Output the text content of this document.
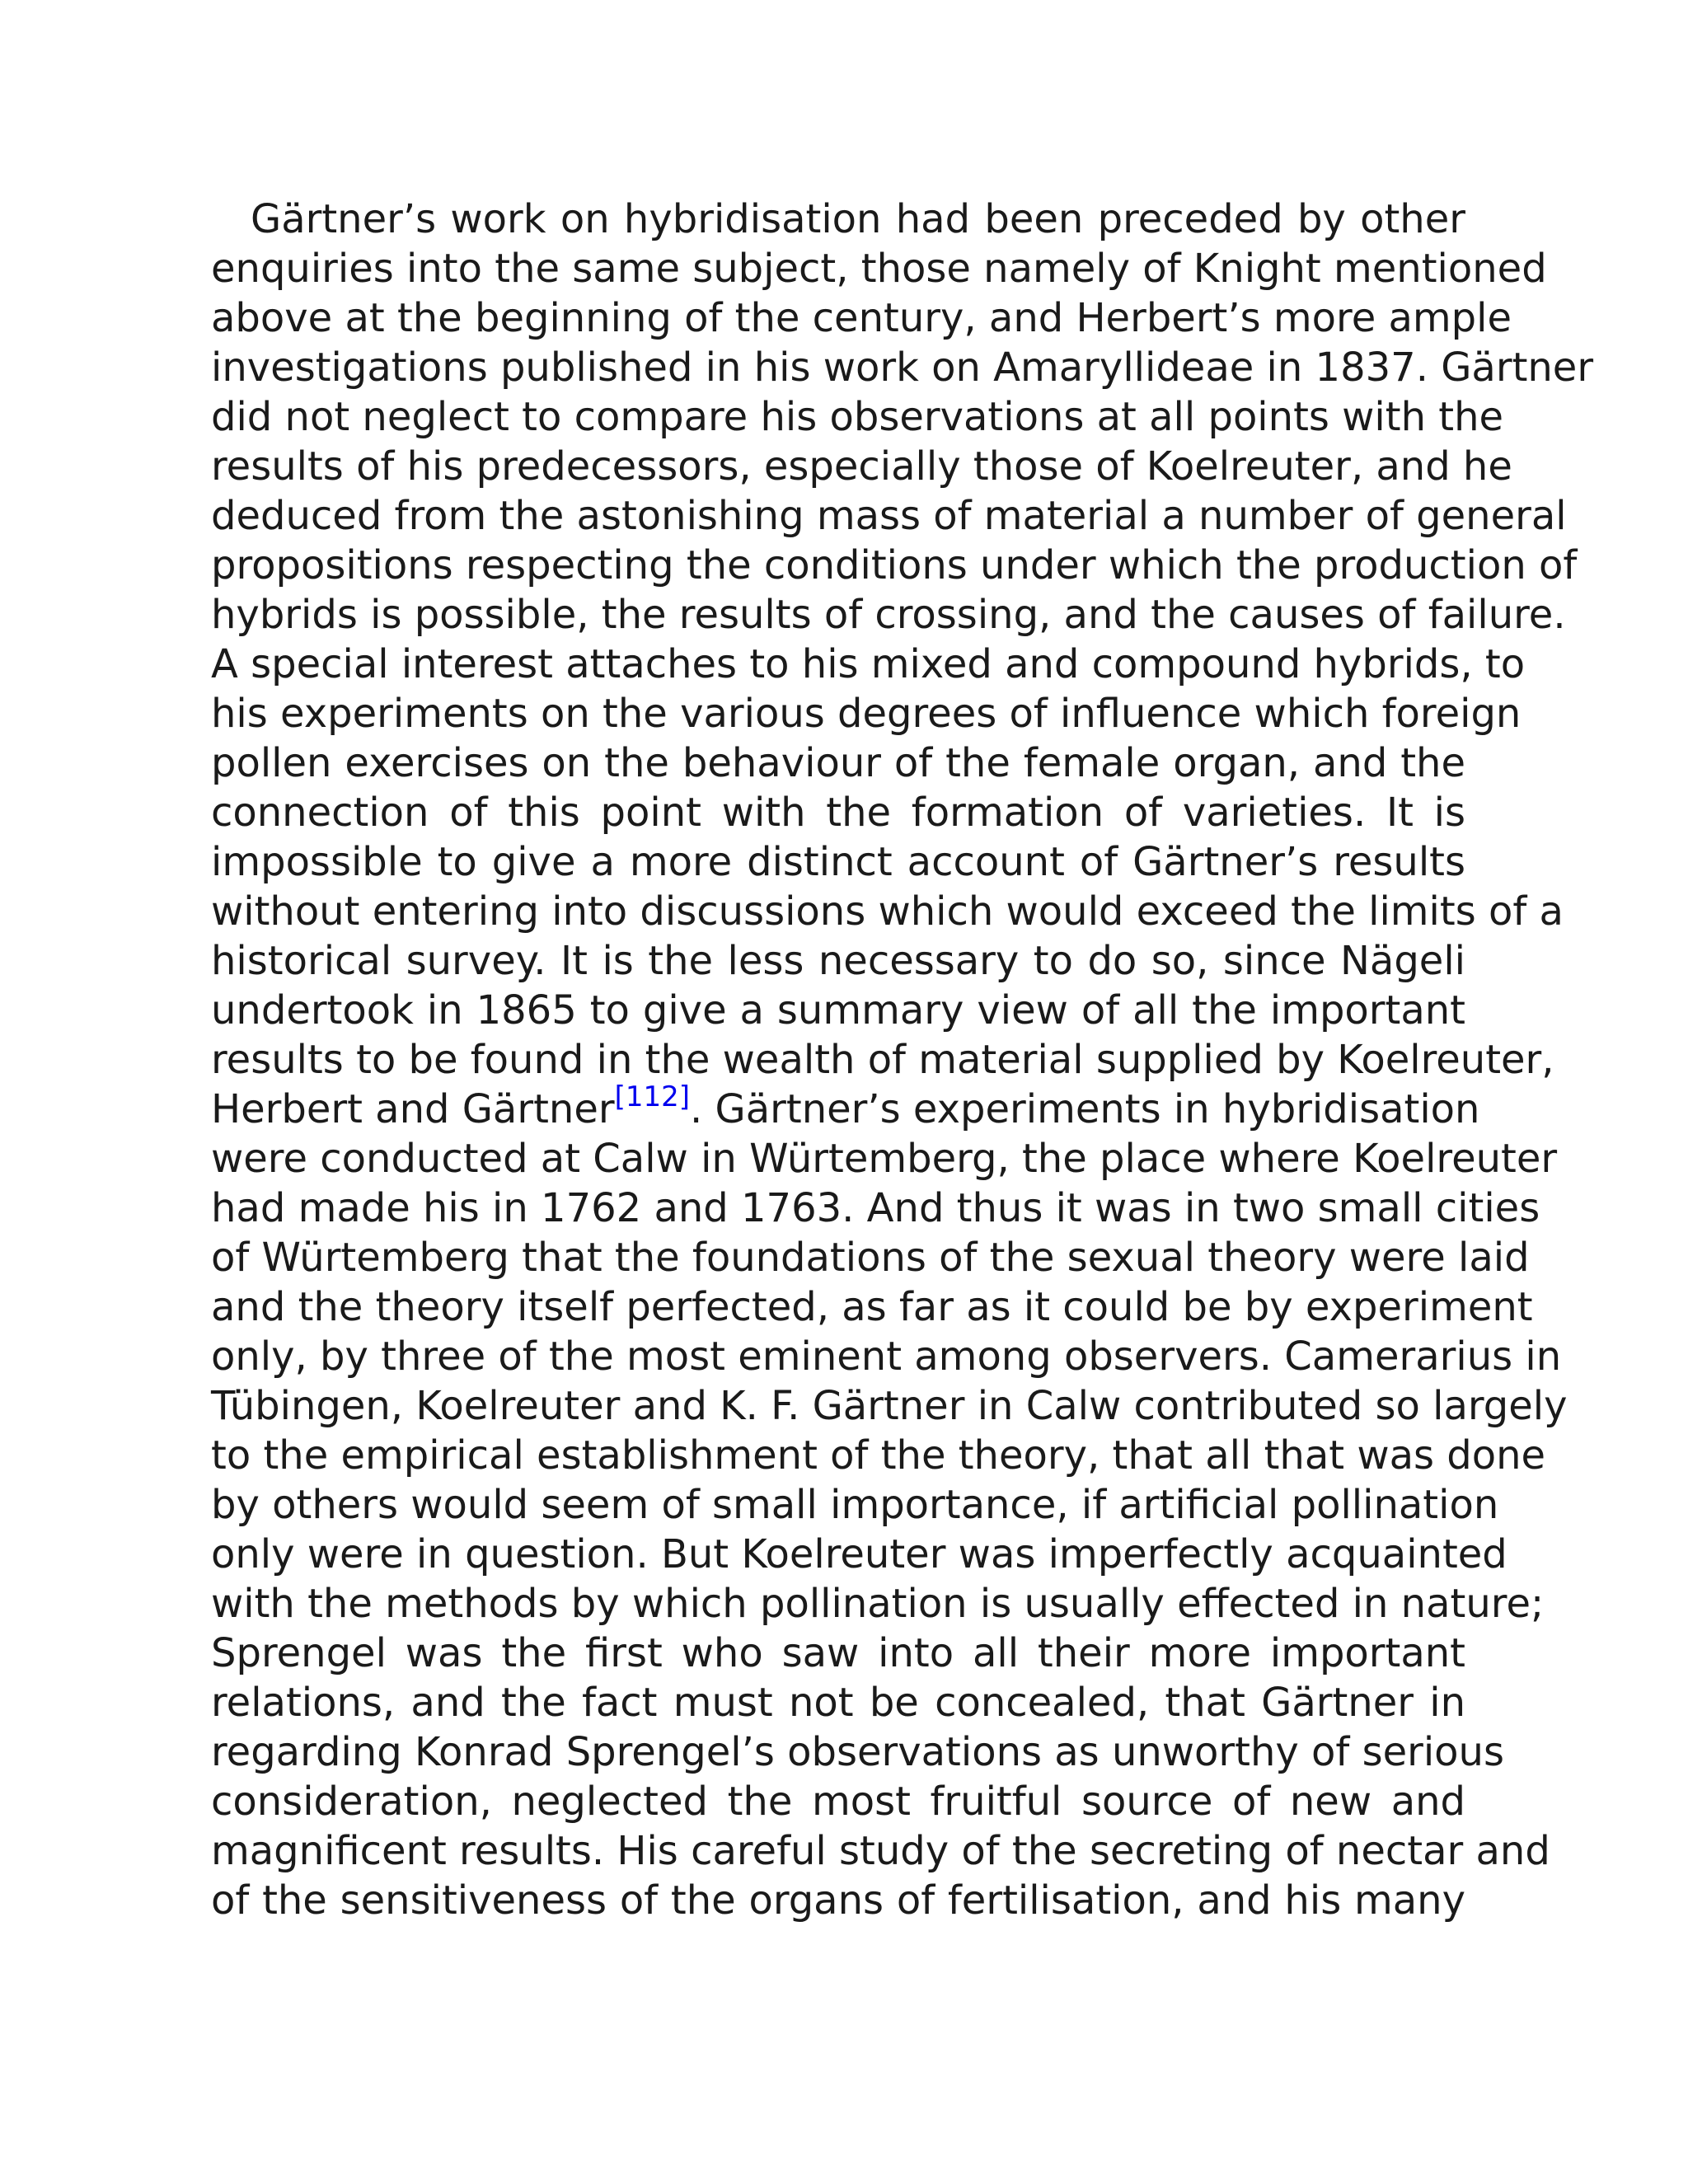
Gärtner’s work on hybridisation had been preceded by other
enquiries into the same subject, those namely of Knight mentioned
above at the beginning of the century, and Herbert’s more ample
investigations published in his work on Amaryllideae in 1837. Gärtner
did not neglect to compare his observations at all points with the
results of his predecessors, especially those of Koelreuter, and he
deduced from the astonishing mass of material a number of general
propositions respecting the conditions under which the production of
hybrids is possible, the results of crossing, and the causes of failure.
A special interest attaches to his mixed and compound hybrids, to
his experiments on the various degrees of influence which foreign
pollen exercises on the behaviour of the female organ, and the
connection of this point with the formation of varieties. It is
impossible to give a more distinct account of Gärtner’s results
without entering into discussions which would exceed the limits of a
historical survey. It is the less necessary to do so, since Nägeli
undertook in 1865 to give a summary view of all the important
results to be found in the wealth of material supplied by Koelreuter,
Herbert and Gärtner[112]. Gärtner’s experiments in hybridisation
were conducted at Calw in Würtemberg, the place where Koelreuter
had made his in 1762 and 1763. And thus it was in two small cities
of Würtemberg that the foundations of the sexual theory were laid
and the theory itself perfected, as far as it could be by experiment
only, by three of the most eminent among observers. Camerarius in
Tübingen, Koelreuter and K. F. Gärtner in Calw contributed so largely
to the empirical establishment of the theory, that all that was done
by others would seem of small importance, if artificial pollination
only were in question. But Koelreuter was imperfectly acquainted
with the methods by which pollination is usually effected in nature;
Sprengel was the first who saw into all their more important
relations, and the fact must not be concealed, that Gärtner in
regarding Konrad Sprengel’s observations as unworthy of serious
consideration, neglected the most fruitful source of new and
magnificent results. His careful study of the secreting of nectar and
of the sensitiveness of the organs of fertilisation, and his many
